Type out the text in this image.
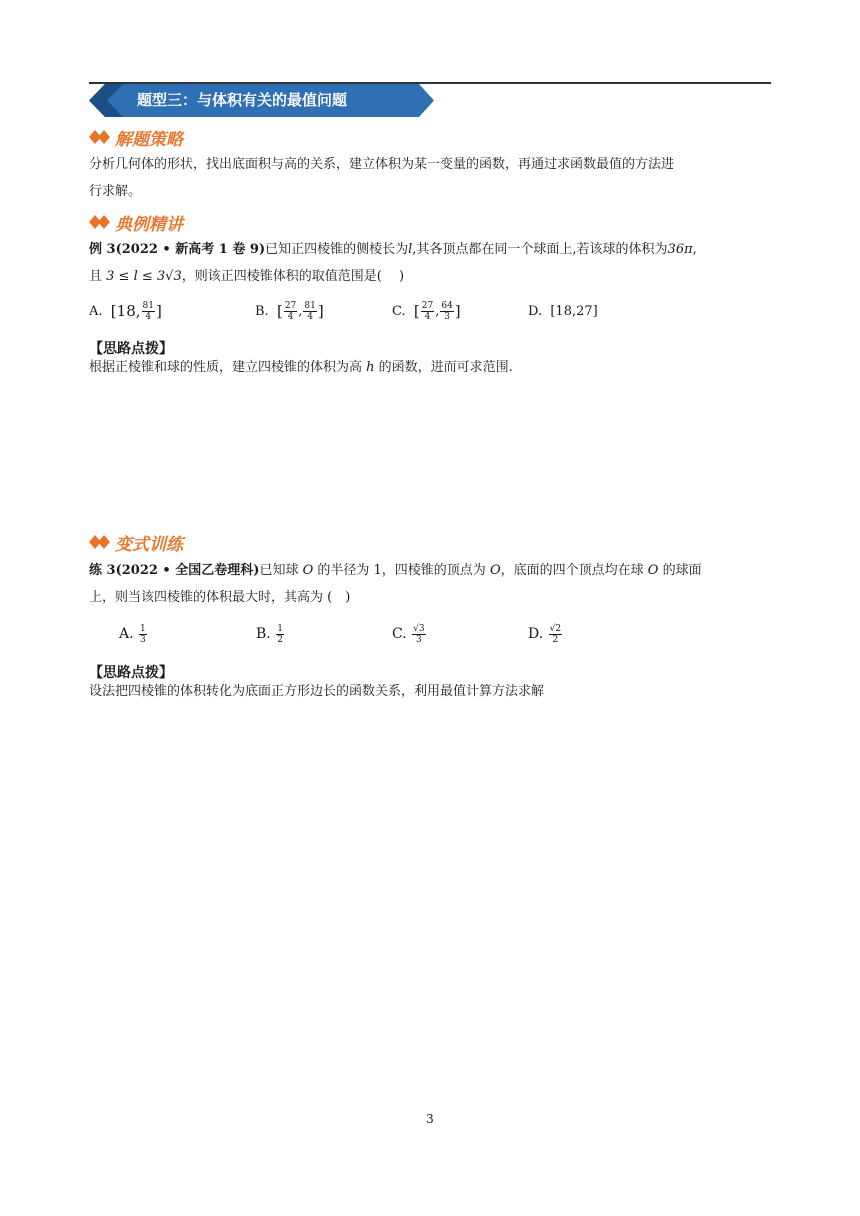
题型三：与体积有关的最值问题
解题策略
分析几何体的形状，找出底面积与高的关系，建立体积为某一变量的函数，再通过求函数最值的方法进
行求解。
典例精讲
例 3(2022 • 新高考 1 卷 9)已知正四棱锥的侧棱长为l,其各顶点都在同一个球面上,若该球的体积为36π,
且 3 ≤ l ≤ 3√3，则该正四棱锥体积的取值范围是(　 )
A.
[18, $\frac{81}{4}$ ]	B.
[ $\frac{27}{4}$ , $\frac{81}{4}$ ]	C.
[ $\frac{27}{4}$ , $\frac{64}{3}$ ]	D.
[18,27]
【思路点拨】
根据正棱锥和球的性质，建立四棱锥的体积为高 h 的函数，进而可求范围.
变式训练
练 3(2022 • 全国乙卷理科)已知球 O 的半径为 1，四棱锥的顶点为 O，底面的四个顶点均在球 O 的球面
上，则当该四棱锥的体积最大时，其高为 (　)
A.
$\frac{1}{3}$	B.
$\frac{1}{2}$	C.
$\frac{√3}{3}$	D.
$\frac{√2}{2}$
【思路点拨】
设法把四棱锥的体积转化为底面正方形边长的函数关系，利用最值计算方法求解
3
